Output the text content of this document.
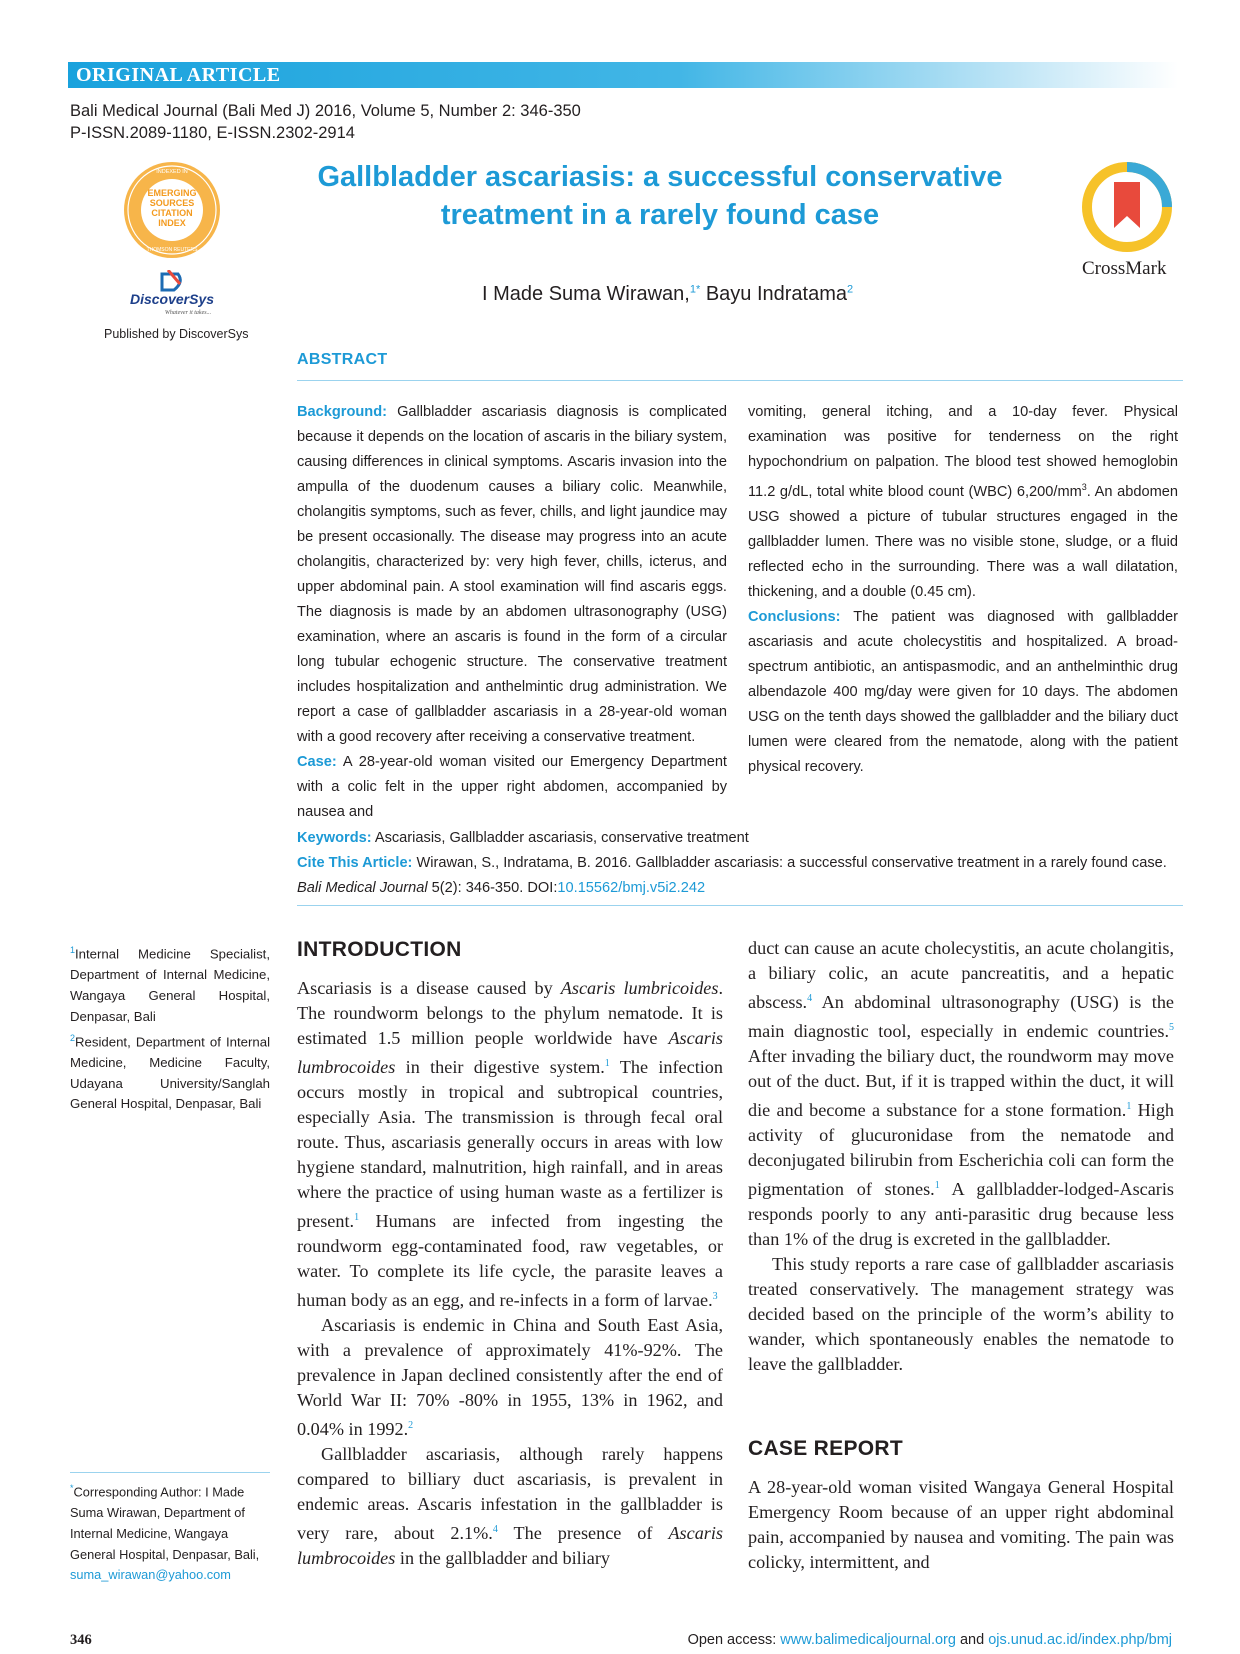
ORIGINAL ARTICLE
Bali Medical Journal (Bali Med J) 2016, Volume 5, Number 2: 346-350
P-ISSN.2089-1180, E-ISSN.2302-2914
INDEXED IN
EMERGING
SOURCES
CITATION
INDEX
THOMSON REUTERS
DiscoverSys
Whatever it takes...
Published by DiscoverSys
Gallbladder ascariasis: a successful conservative treatment in a rarely found case
CrossMark
I Made Suma Wirawan,$^{1*}$ Bayu Indratama$^2$
ABSTRACT

Background: Gallbladder ascariasis diagnosis is complicated because it depends on the location of ascaris in the biliary system, causing differences in clinical symptoms. Ascaris invasion into the ampulla of the duodenum causes a biliary colic. Meanwhile, cholangitis symptoms, such as fever, chills, and light jaundice may be present occasionally. The disease may progress into an acute cholangitis, characterized by: very high fever, chills, icterus, and upper abdominal pain. A stool examination will find ascaris eggs. The diagnosis is made by an abdomen ultrasonography (USG) examination, where an ascaris is found in the form of a circular long tubular echogenic structure. The conservative treatment includes hospitalization and anthelmintic drug administration. We report a case of gallbladder ascariasis in a 28-year-old woman with a good recovery after receiving a conservative treatment.

Case: A 28-year-old woman visited our Emergency Department with a colic felt in the upper right abdomen, accompanied by nausea and

vomiting, general itching, and a 10-day fever. Physical examination was positive for tenderness on the right hypochondrium on palpation. The blood test showed hemoglobin 11.2 g/dL, total white blood count (WBC) $6,200/mm^3$. An abdomen USG showed a picture of tubular structures engaged in the gallbladder lumen. There was no visible stone, sludge, or a fluid reflected echo in the surrounding. There was a wall dilatation, thickening, and a double (0.45 cm).

Conclusions: The patient was diagnosed with gallbladder ascariasis and acute cholecystitis and hospitalized. A broad-spectrum antibiotic, an antispasmodic, and an anthelminthic drug albendazole 400 mg/day were given for 10 days. The abdomen USG on the tenth days showed the gallbladder and the biliary duct lumen were cleared from the nematode, along with the patient physical recovery.

Keywords: Ascariasis, Gallbladder ascariasis, conservative treatment

Cite This Article: Wirawan, S., Indratama, B. 2016. Gallbladder ascariasis: a successful conservative treatment in a rarely found case. Bali Medical Journal 5(2): 346-350. DOI:10.15562/bmj.v5i2.242

$^1$Internal Medicine Specialist, Department of Internal Medicine, Wangaya General Hospital, Denpasar, Bali

$^2$Resident, Department of Internal Medicine, Medicine Faculty, Udayana University/Sanglah General Hospital, Denpasar, Bali

*Corresponding Author: I Made Suma Wirawan, Department of Internal Medicine, Wangaya General Hospital, Denpasar, Bali,
suma_wirawan@yahoo.com
INTRODUCTION

Ascariasis is a disease caused by Ascaris lumbricoides. The roundworm belongs to the phylum nematode. It is estimated 1.5 million people worldwide have Ascaris lumbrocoides in their digestive system.$^1$ The infection occurs mostly in tropical and subtropical countries, especially Asia. The transmission is through fecal oral route. Thus, ascariasis generally occurs in areas with low hygiene standard, malnutrition, high rainfall, and in areas where the practice of using human waste as a fertilizer is present.$^1$ Humans are infected from ingesting the roundworm egg-contaminated food, raw vegetables, or water. To complete its life cycle, the parasite leaves a human body as an egg, and re-infects in a form of larvae.$^3$

Ascariasis is endemic in China and South East Asia, with a prevalence of approximately 41%-92%. The prevalence in Japan declined consistently after the end of World War II: 70% -80% in 1955, 13% in 1962, and 0.04% in 1992.$^2$

Gallbladder ascariasis, although rarely happens compared to billiary duct ascariasis, is prevalent in endemic areas. Ascaris infestation in the gallbladder is very rare, about 2.1%.$^4$ The presence of Ascaris lumbrocoides in the gallbladder and biliary

duct can cause an acute cholecystitis, an acute cholangitis, a biliary colic, an acute pancreatitis, and a hepatic abscess.$^4$ An abdominal ultrasonography (USG) is the main diagnostic tool, especially in endemic countries.$^5$ After invading the biliary duct, the roundworm may move out of the duct. But, if it is trapped within the duct, it will die and become a substance for a stone formation.$^1$ High activity of glucuronidase from the nematode and deconjugated bilirubin from Escherichia coli can form the pigmentation of stones.$^1$ A gallbladder-lodged-Ascaris responds poorly to any anti-parasitic drug because less than 1% of the drug is excreted in the gallbladder.

This study reports a rare case of gallbladder ascariasis treated conservatively. The management strategy was decided based on the principle of the worm’s ability to wander, which spontaneously enables the nematode to leave the gallbladder.

CASE REPORT

A 28-year-old woman visited Wangaya General Hospital Emergency Room because of an upper right abdominal pain, accompanied by nausea and vomiting. The pain was colicky, intermittent, and

346	Open access: www.balimedicaljournal.org and ojs.unud.ac.id/index.php/bmj
